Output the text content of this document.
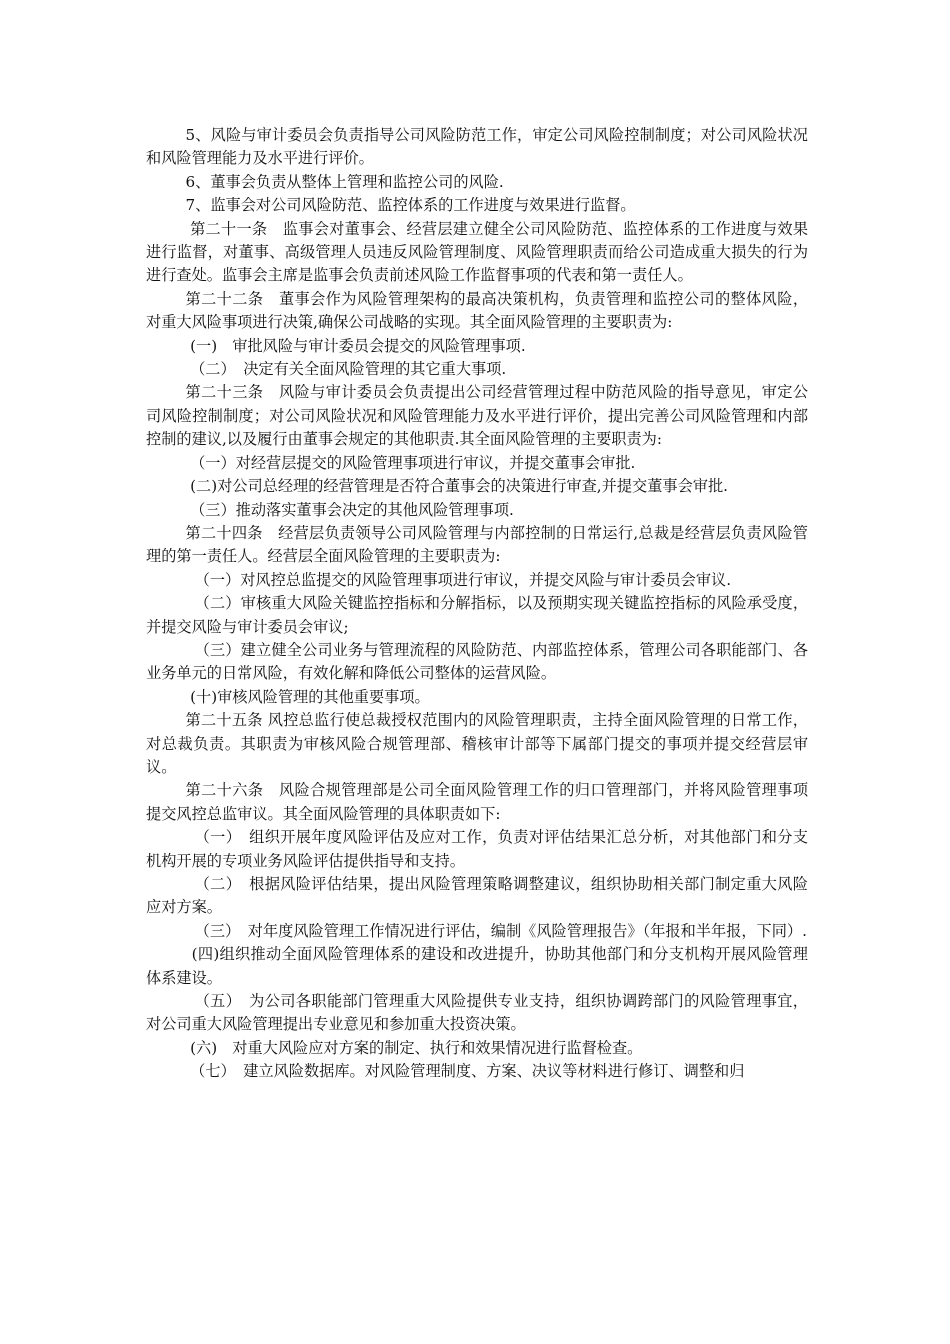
5、风险与审计委员会负责指导公司风险防范工作，审定公司风险控制制度；对公司风险状况和风险管理能力及水平进行评价。

6、董事会负责从整体上管理和监控公司的风险.

7、监事会对公司风险防范、监控体系的工作进度与效果进行监督。

第二十一条　监事会对董事会、经营层建立健全公司风险防范、监控体系的工作进度与效果进行监督，对董事、高级管理人员违反风险管理制度、风险管理职责而给公司造成重大损失的行为进行查处。监事会主席是监事会负责前述风险工作监督事项的代表和第一责任人。

第二十二条　董事会作为风险管理架构的最高决策机构，负责管理和监控公司的整体风险，对重大风险事项进行决策,确保公司战略的实现。其全面风险管理的主要职责为:

(一)　审批风险与审计委员会提交的风险管理事项.

（二）　决定有关全面风险管理的其它重大事项.

第二十三条　风险与审计委员会负责提出公司经营管理过程中防范风险的指导意见，审定公司风险控制制度；对公司风险状况和风险管理能力及水平进行评价，提出完善公司风险管理和内部控制的建议,以及履行由董事会规定的其他职责.其全面风险管理的主要职责为:

（一）对经营层提交的风险管理事项进行审议，并提交董事会审批.

(二)对公司总经理的经营管理是否符合董事会的决策进行审查,并提交董事会审批.

（三）推动落实董事会决定的其他风险管理事项.

第二十四条　经营层负责领导公司风险管理与内部控制的日常运行,总裁是经营层负责风险管理的第一责任人。经营层全面风险管理的主要职责为:

（一）对风控总监提交的风险管理事项进行审议，并提交风险与审计委员会审议.

（二）审核重大风险关键监控指标和分解指标，以及预期实现关键监控指标的风险承受度，并提交风险与审计委员会审议;

（三）建立健全公司业务与管理流程的风险防范、内部监控体系，管理公司各职能部门、各业务单元的日常风险，有效化解和降低公司整体的运营风险。

(十)审核风险管理的其他重要事项。

第二十五条 风控总监行使总裁授权范围内的风险管理职责，主持全面风险管理的日常工作，对总裁负责。其职责为审核风险合规管理部、稽核审计部等下属部门提交的事项并提交经营层审议。

第二十六条　风险合规管理部是公司全面风险管理工作的归口管理部门，并将风险管理事项提交风控总监审议。其全面风险管理的具体职责如下:

（一）　组织开展年度风险评估及应对工作，负责对评估结果汇总分析，对其他部门和分支机构开展的专项业务风险评估提供指导和支持。

（二）　根据风险评估结果，提出风险管理策略调整建议，组织协助相关部门制定重大风险应对方案。

（三）　对年度风险管理工作情况进行评估，编制《风险管理报告》（年报和半年报，下同）.

(四)组织推动全面风险管理体系的建设和改进提升，协助其他部门和分支机构开展风险管理体系建设。

（五）　为公司各职能部门管理重大风险提供专业支持，组织协调跨部门的风险管理事宜，对公司重大风险管理提出专业意见和参加重大投资决策。

(六)　对重大风险应对方案的制定、执行和效果情况进行监督检查。

（七）　建立风险数据库。对风险管理制度、方案、决议等材料进行修订、调整和归
